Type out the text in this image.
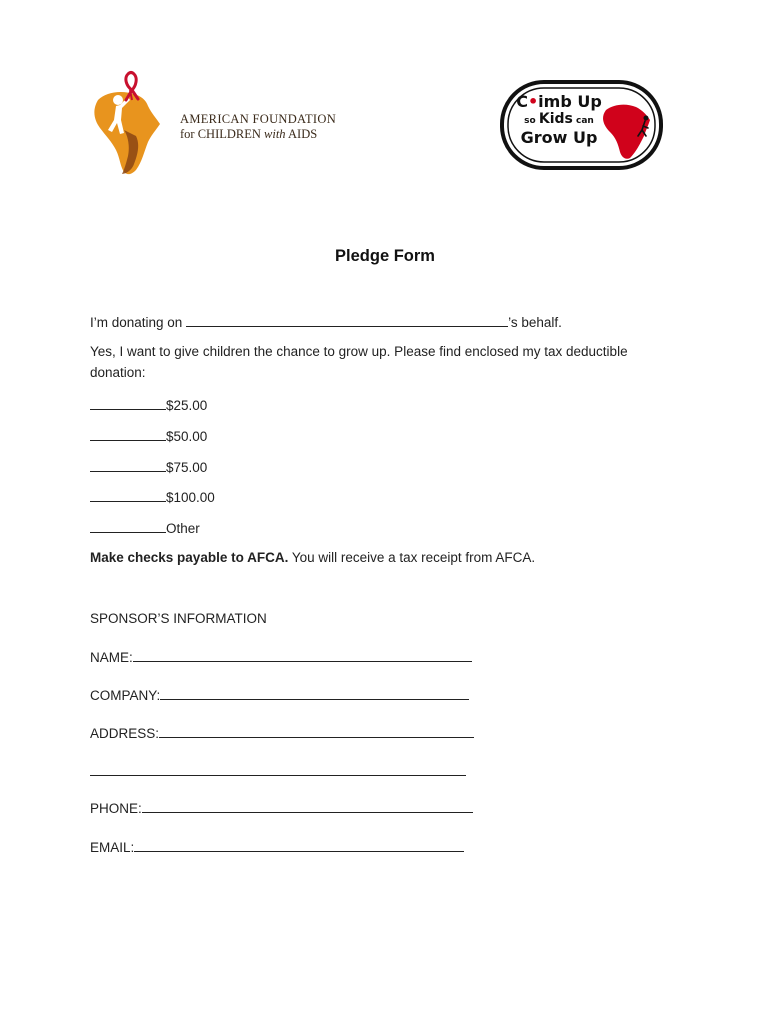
AMERICAN FOUNDATION
for CHILDREN with AIDS
C•imb Up
so Kids can
Grow Up
Pledge Form
I’m donating on	’s behalf.
Yes, I want to give children the chance to grow up. Please find enclosed my tax deductible
donation:
$25.00
$50.00
$75.00
$100.00
Other
Make checks payable to AFCA. You will receive a tax receipt from AFCA.
SPONSOR’S INFORMATION
NAME:
COMPANY:
ADDRESS:
PHONE:
EMAIL:
